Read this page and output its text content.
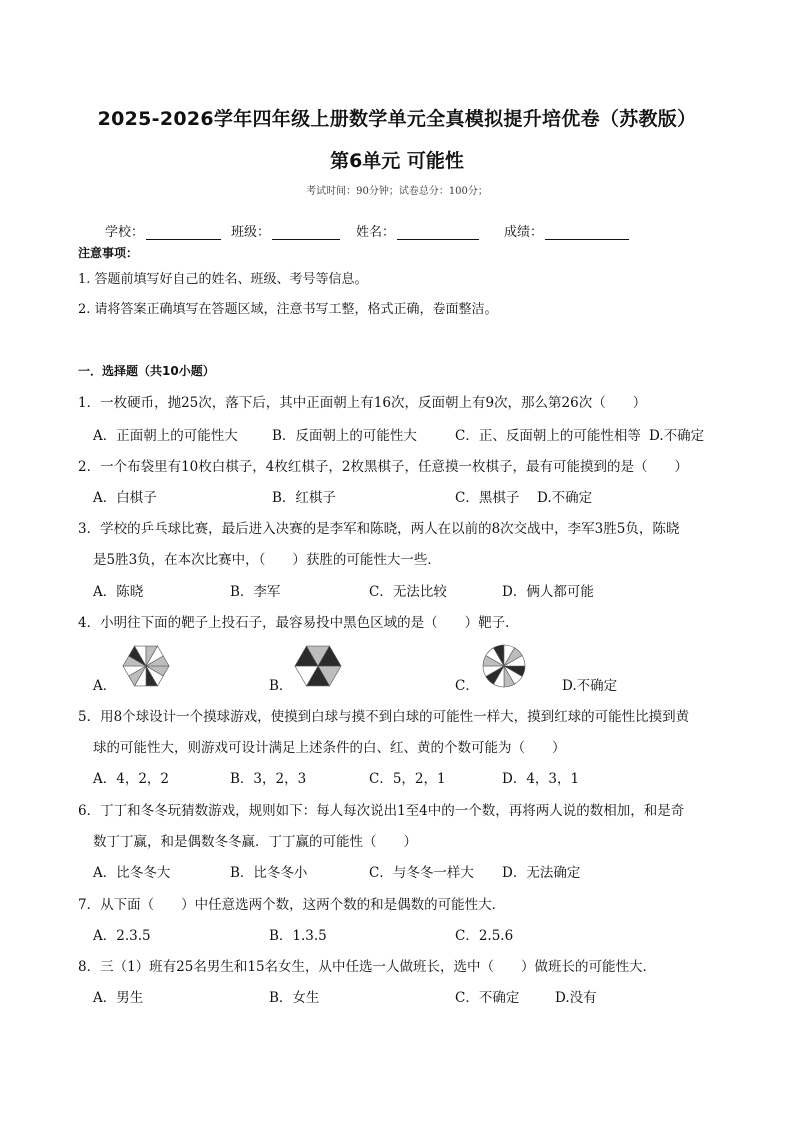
2025-2026学年四年级上册数学单元全真模拟提升培优卷（苏教版）
第6单元 可能性
考试时间：90分钟；试卷总分：100分；
学校：	班级：	姓名：	成绩：
注意事项：
1. 答题前填写好自己的姓名、班级、考号等信息。
2. 请将答案正确填写在答题区域，注意书写工整，格式正确，卷面整洁。
一．选择题（共10小题）
1．一枚硬币，抛25次，落下后，其中正面朝上有16次，反面朝上有9次，那么第26次（　　）
A．正面朝上的可能性大	B．反面朝上的可能性大	C．正、反面朝上的可能性相等 D.不确定
2．一个布袋里有10枚白棋子，4枚红棋子，2枚黑棋子，任意摸一枚棋子，最有可能摸到的是（　　）
A．白棋子	B．红棋子	C．黑棋子 D.不确定
3．学校的乒乓球比赛，最后进入决赛的是李军和陈晓，两人在以前的8次交战中，李军3胜5负，陈晓
是5胜3负，在本次比赛中，（　　）获胜的可能性大一些．
A．陈晓	B．李军	C．无法比较	D．俩人都可能
4．小明往下面的靶子上投石子，最容易投中黑色区域的是（　　）靶子．
A．	B．	C．	D.不确定
5．用8个球设计一个摸球游戏，使摸到白球与摸不到白球的可能性一样大，摸到红球的可能性比摸到黄
球的可能性大，则游戏可设计满足上述条件的白、红、黄的个数可能为（　　）
A．4，2，2	B．3，2，3	C．5，2，1	D．4，3，1
6．丁丁和冬冬玩猜数游戏，规则如下：每人每次说出1至4中的一个数，再将两人说的数相加，和是奇
数丁丁赢，和是偶数冬冬赢．丁丁赢的可能性（　　）
A．比冬冬大	B．比冬冬小	C．与冬冬一样大 D．无法确定
7．从下面（　　）中任意选两个数，这两个数的和是偶数的可能性大．
A．2.3.5	B．1.3.5	C．2.5.6
8．三（1）班有25名男生和15名女生，从中任选一人做班长，选中（　　）做班长的可能性大．
A．男生	B．女生	C．不确定	D.没有
